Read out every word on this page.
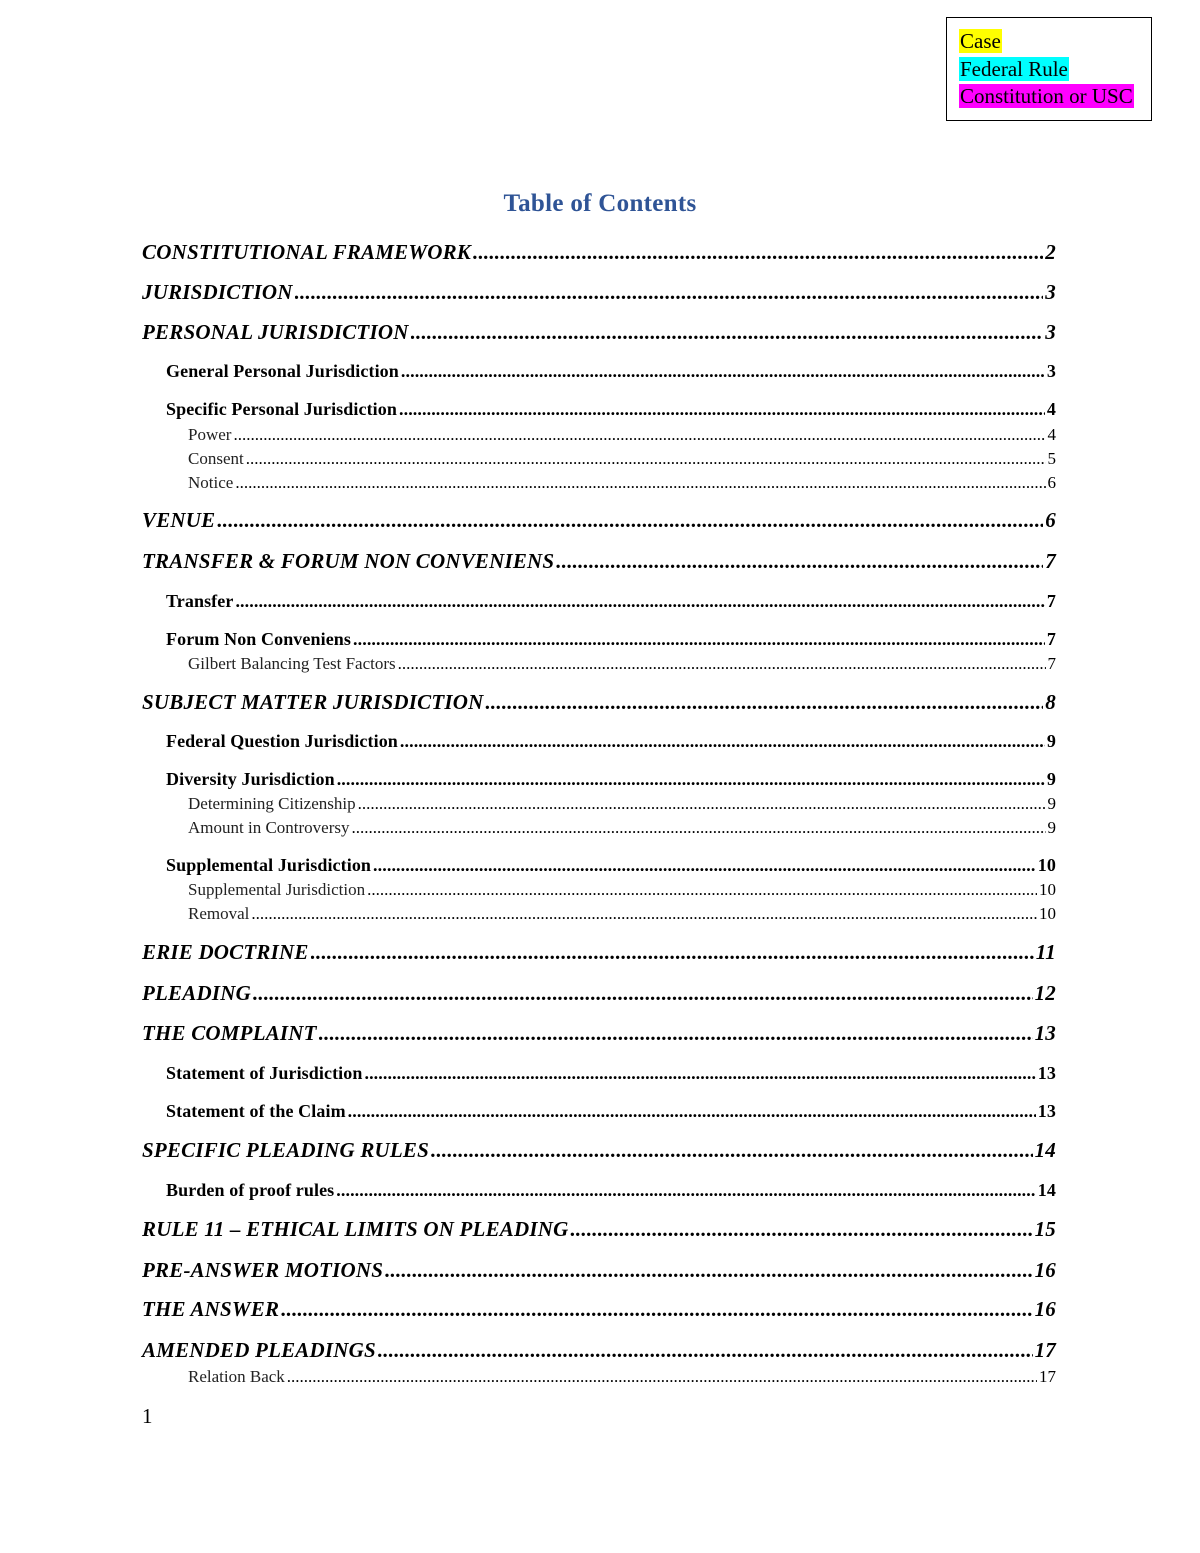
Case
Federal Rule
Constitution or USC
Table of Contents
CONSTITUTIONAL FRAMEWORK .....	2
JURISDICTION .....	3
PERSONAL JURISDICTION .....	3
General Personal Jurisdiction .....	3
Specific Personal Jurisdiction .....	4
Power .....	4
Consent .....	5
Notice .....	6
VENUE .....	6
TRANSFER & FORUM NON CONVENIENS .....	7
Transfer .....	7
Forum Non Conveniens .....	7
Gilbert Balancing Test Factors .....	7
SUBJECT MATTER JURISDICTION .....	8
Federal Question Jurisdiction .....	9
Diversity Jurisdiction .....	9
Determining Citizenship .....	9
Amount in Controversy .....	9
Supplemental Jurisdiction .....	10
Supplemental Jurisdiction .....	10
Removal .....	10
ERIE DOCTRINE .....	11
PLEADING .....	12
THE COMPLAINT .....	13
Statement of Jurisdiction .....	13
Statement of the Claim .....	13
SPECIFIC PLEADING RULES .....	14
Burden of proof rules .....	14
RULE 11 – ETHICAL LIMITS ON PLEADING .....	15
PRE-ANSWER MOTIONS .....	16
THE ANSWER .....	16
AMENDED PLEADINGS .....	17
Relation Back .....	17
1
